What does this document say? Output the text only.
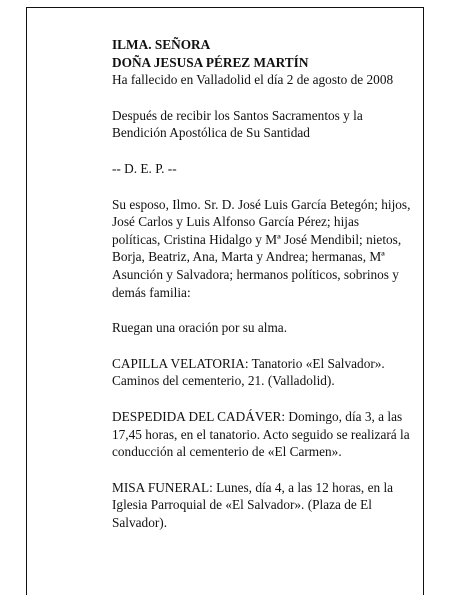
ILMA. SEÑORA
DOÑA JESUSA PÉREZ MARTÍN
Ha fallecido en Valladolid el día 2 de agosto de 2008

Después de recibir los Santos Sacramentos y la
Bendición Apostólica de Su Santidad

-- D. E. P. --

Su esposo, Ilmo. Sr. D. José Luis García Betegón; hijos,
José Carlos y Luis Alfonso García Pérez; hijas
políticas, Cristina Hidalgo y Mª José Mendibil; nietos,
Borja, Beatriz, Ana, Marta y Andrea; hermanas, Mª
Asunción y Salvadora; hermanos políticos, sobrinos y
demás familia:

Ruegan una oración por su alma.

CAPILLA VELATORIA: Tanatorio «El Salvador».
Caminos del cementerio, 21. (Valladolid).

DESPEDIDA DEL CADÁVER: Domingo, día 3, a las
17,45 horas, en el tanatorio. Acto seguido se realizará la
conducción al cementerio de «El Carmen».

MISA FUNERAL: Lunes, día 4, a las 12 horas, en la
Iglesia Parroquial de «El Salvador». (Plaza de El
Salvador).
